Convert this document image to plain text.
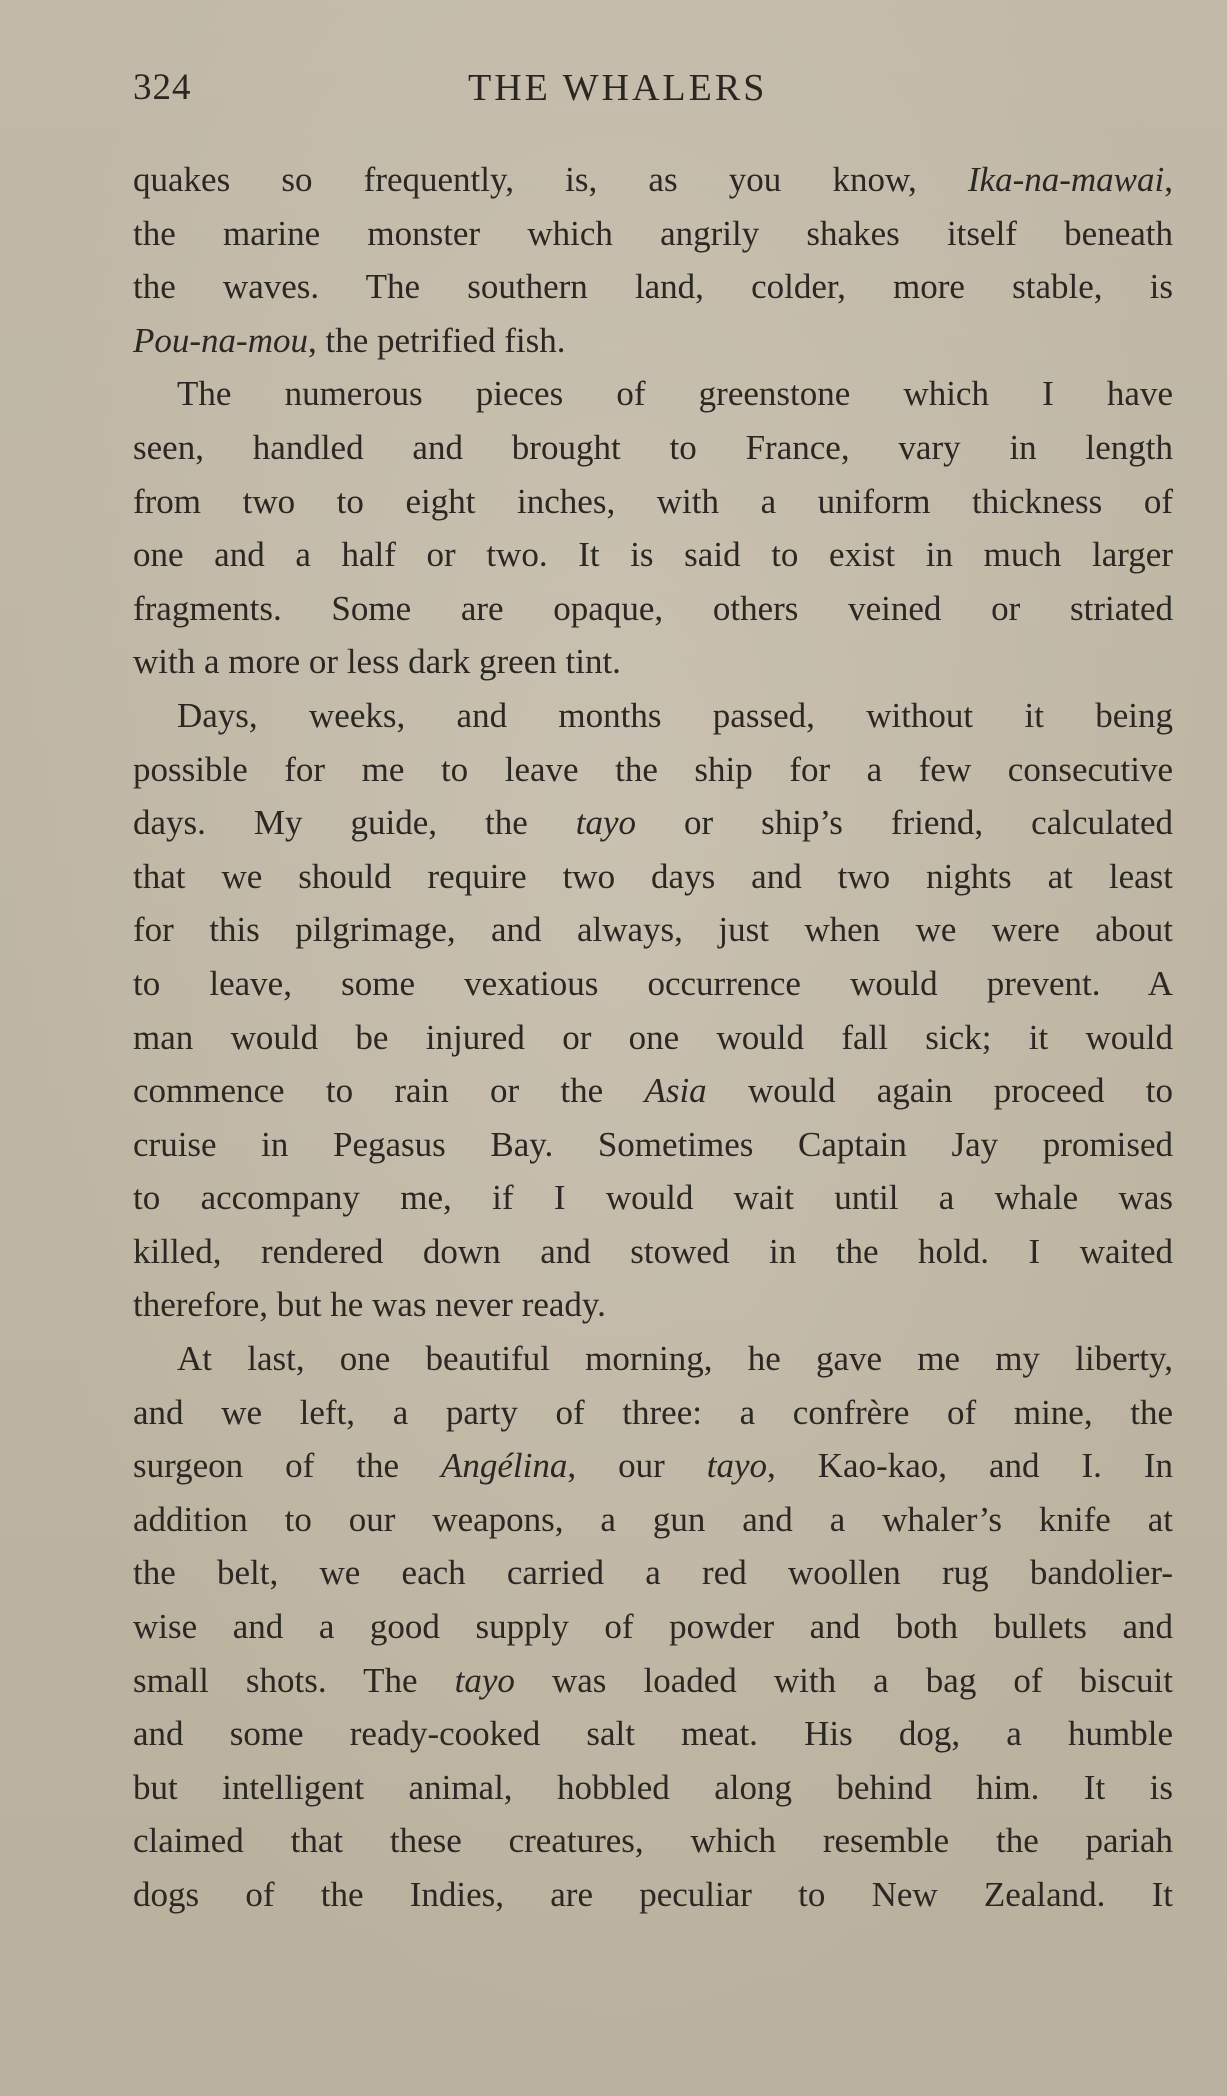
324	THE WHALERS
quakes so frequently, is, as you know, Ika-na-mawai,
the marine monster which angrily shakes itself beneath
the waves. The southern land, colder, more stable, is
Pou-na-mou, the petrified fish.
The numerous pieces of greenstone which I have
seen, handled and brought to France, vary in length
from two to eight inches, with a uniform thickness of
one and a half or two. It is said to exist in much larger
fragments. Some are opaque, others veined or striated
with a more or less dark green tint.
Days, weeks, and months passed, without it being
possible for me to leave the ship for a few consecutive
days. My guide, the tayo or ship’s friend, calculated
that we should require two days and two nights at least
for this pilgrimage, and always, just when we were about
to leave, some vexatious occurrence would prevent. A
man would be injured or one would fall sick; it would
commence to rain or the Asia would again proceed to
cruise in Pegasus Bay. Sometimes Captain Jay promised
to accompany me, if I would wait until a whale was
killed, rendered down and stowed in the hold. I waited
therefore, but he was never ready.
At last, one beautiful morning, he gave me my liberty,
and we left, a party of three: a confrère of mine, the
surgeon of the Angélina, our tayo, Kao-kao, and I. In
addition to our weapons, a gun and a whaler’s knife at
the belt, we each carried a red woollen rug bandolier-
wise and a good supply of powder and both bullets and
small shots. The tayo was loaded with a bag of biscuit
and some ready-cooked salt meat. His dog, a humble
but intelligent animal, hobbled along behind him. It is
claimed that these creatures, which resemble the pariah
dogs of the Indies, are peculiar to New Zealand. It
